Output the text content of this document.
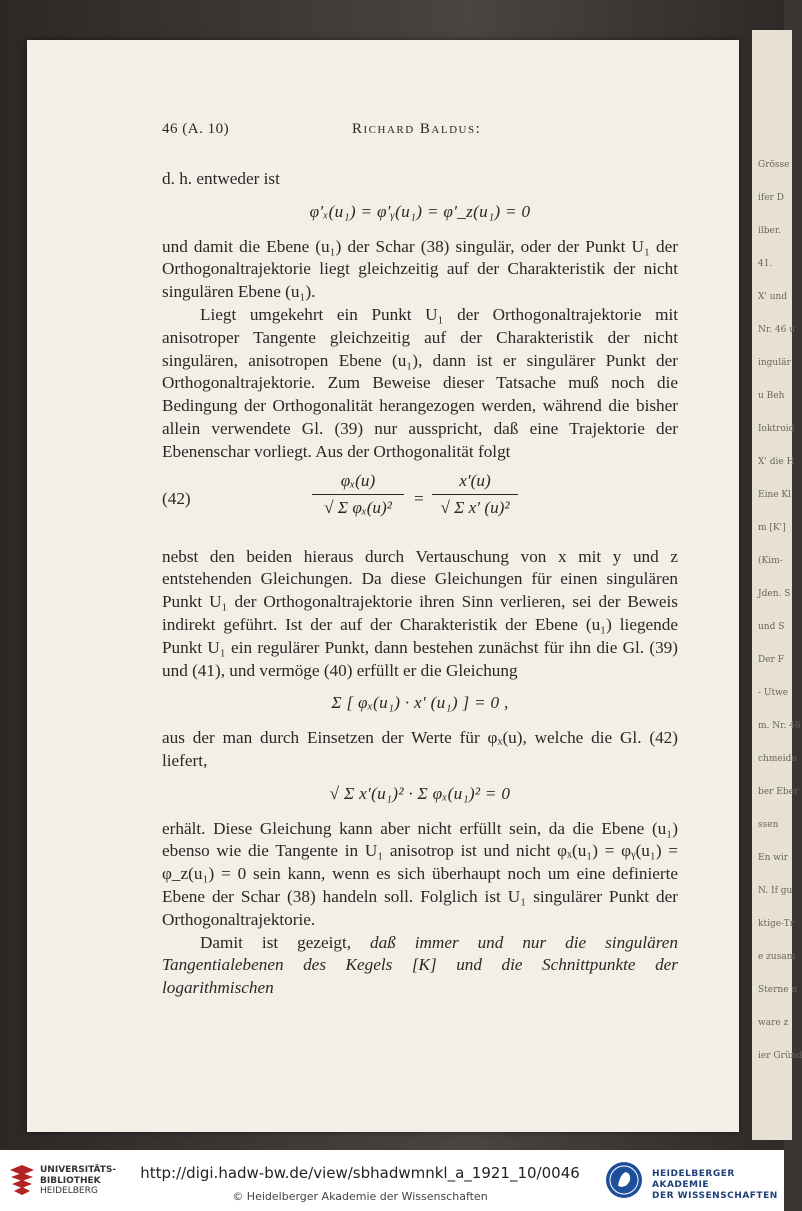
Grösse
ifer D
ilber.
41.
X' und
Nr. 46 u
ingulär
u Beh
Ioktroid
X' die H
Eine Kl
m [K']
(Kim-
Jden. S
und S
Der F
- Utwe
m. Nr. 46
chmeide
ber Eber
ssen
En wir
N. If gu
ktige-Tr
e zusam
Sterne n
ware z
ier Gründ
46 (A. 10)	Richard Baldus:

d. h. entweder ist

φ′ₓ(u₁) = φ′ᵧ(u₁) = φ′_z(u₁) = 0

und damit die Ebene (u₁) der Schar (38) singulär, oder der Punkt U₁ der Orthogonaltrajektorie liegt gleichzeitig auf der Charakteristik der nicht singulären Ebene (u₁).

Liegt umgekehrt ein Punkt U₁ der Orthogonaltrajektorie mit anisotroper Tangente gleichzeitig auf der Charakteristik der nicht singulären, anisotropen Ebene (u₁), dann ist er singulärer Punkt der Orthogonaltrajektorie. Zum Beweise dieser Tatsache muß noch die Bedingung der Orthogonalität herangezogen werden, während die bisher allein verwendete Gl. (39) nur ausspricht, daß eine Trajektorie der Ebenenschar vorliegt. Aus der Orthogonalität folgt

(42)
φₓ(u)
√ Σ φₓ(u)²
=
x′(u)
√ Σ x′ (u)²

nebst den beiden hieraus durch Vertauschung von x mit y und z entstehenden Gleichungen. Da diese Gleichungen für einen singulären Punkt U₁ der Orthogonaltrajektorie ihren Sinn verlieren, sei der Beweis indirekt geführt. Ist der auf der Charakteristik der Ebene (u₁) liegende Punkt U₁ ein regulärer Punkt, dann bestehen zunächst für ihn die Gl. (39) und (41), und vermöge (40) erfüllt er die Gleichung

Σ [ φₓ(u₁) · x′ (u₁) ] = 0 ,

aus der man durch Einsetzen der Werte für φₓ(u), welche die Gl. (42) liefert,

√ Σ x′(u₁)² · Σ φₓ(u₁)² = 0

erhält. Diese Gleichung kann aber nicht erfüllt sein, da die Ebene (u₁) ebenso wie die Tangente in U₁ anisotrop ist und nicht φₓ(u₁) = φᵧ(u₁) = φ_z(u₁) = 0 sein kann, wenn es sich überhaupt noch um eine definierte Ebene der Schar (38) handeln soll. Folglich ist U₁ singulärer Punkt der Orthogonaltrajektorie.

Damit ist gezeigt, daß immer und nur die singulären Tangentialebenen des Kegels [K] und die Schnittpunkte der logarithmischen

UNIVERSITÄTS-
BIBLIOTHEK
HEIDELBERG
http://digi.hadw-bw.de/view/sbhadwmnkl_a_1921_10/0046
© Heidelberger Akademie der Wissenschaften
HEIDELBERGER AKADEMIE
DER WISSENSCHAFTEN
